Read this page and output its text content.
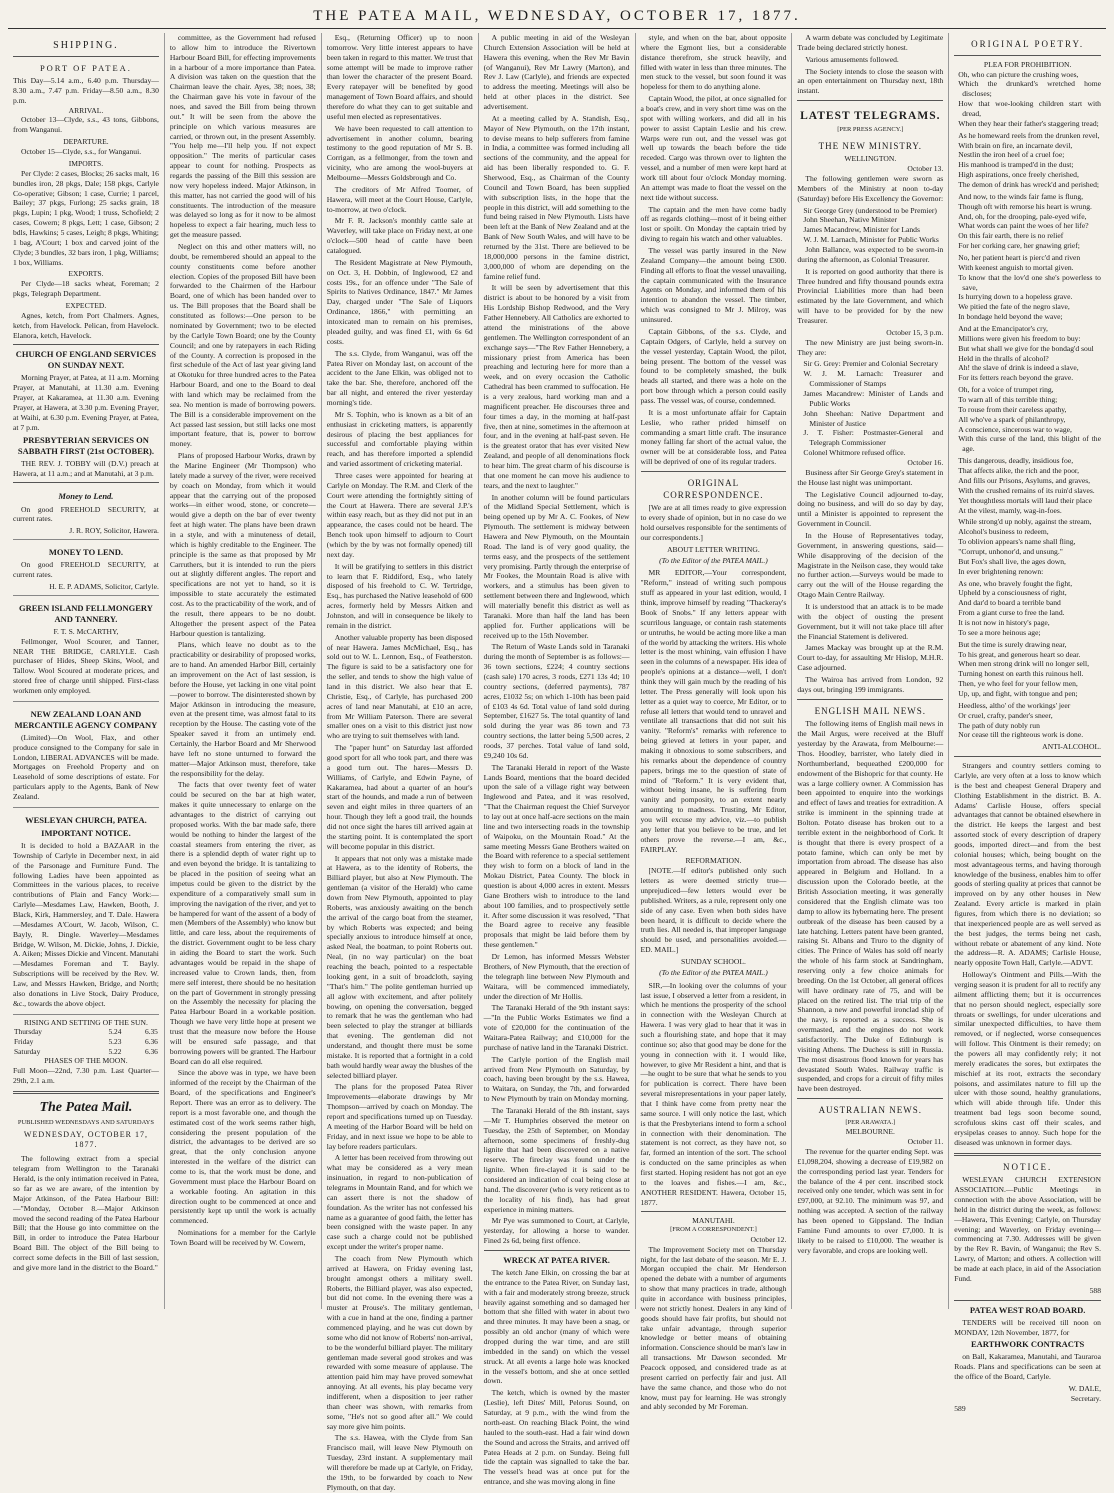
THE PATEA MAIL, WEDNESDAY, OCTOBER 17, 1877.
SHIPPING.
PORT OF PATEA.

This Day—5.14 a.m., 6.40 p.m. Thursday—8.30 a.m., 7.47 p.m. Friday—8.50 a.m., 8.30 p.m.

ARRIVAL.

October 13—Clyde, s.s., 43 tons, Gibbons, from Wanganui.

DEPARTURE.

October 15—Clyde, s.s., for Wanganui.

IMPORTS.

Per Clyde: 2 cases, Blocks; 26 sacks malt, 16 bundles iron, 28 pkgs, Dale; 158 pkgs, Carlyle Co-operative; Gibson; 1 case, Currie; 1 parcel, Bailey; 37 pkgs, Furlong; 25 sacks grain, 18 pkgs, Lupin; 1 pkg, Wood; 1 truss, Schofield; 2 cases, Cowern; 8 pkgs, Lett; 1 case, Gibson; 2 bdls, Hawkins; 5 cases, Leigh; 8 pkgs, Whiting; 1 bag, A'Court; 1 box and carved joint of the Clyde; 3 bundles, 32 bars iron, 1 pkg, Williams; 1 box, Williams.

EXPORTS.

Per Clyde—18 sacks wheat, Foreman; 2 pkgs, Telegraph Department.

EXPECTED.

Agnes, ketch, from Port Chalmers. Agnes, ketch, from Havelock. Pelican, from Havelock. Elanora, ketch, Havelock.

CHURCH OF ENGLAND SERVICES ON SUNDAY NEXT.

Morning Prayer, at Patea, at 11 a.m. Morning Prayer, at Manutahi, at 11.30 a.m. Evening Prayer, at Kakaramea, at 11.30 a.m. Evening Prayer, at Hawera, at 3.30 p.m. Evening Prayer, at Waihi, at 6.30 p.m. Evening Prayer, at Patea, at 7 p.m.

PRESBYTERIAN SERVICES ON SABBATH FIRST (21st OCTOBER).

THE REV. J. TOBBY will (D.V.) preach at Hawera, at 11 a.m.; and at Manutahi, at 3 p.m.

Money to Lend.

On good FREEHOLD SECURITY, at current rates.

J. R. ROY, Solicitor, Hawera.

MONEY TO LEND.

On good FREEHOLD SECURITY, at current rates.

H. E. P. ADAMS, Solicitor, Carlyle.

GREEN ISLAND FELLMONGERY AND TANNERY.
F. T. S. McCARTHY,

Fellmonger, Wool Scourer, and Tanner, NEAR THE BRIDGE, CARLYLE. Cash purchaser of Hides, Sheep Skins, Wool, and Tallow. Wool Scoured at moderate prices, and stored free of charge until shipped. First-class workmen only employed.

NEW ZEALAND LOAN AND MERCANTILE AGENCY COMPANY

(Limited)—On Wool, Flax, and other produce consigned to the Company for sale in London, LIBERAL ADVANCES will be made. Mortgages on Freehold Property and on Leasehold of some descriptions of estate. For particulars apply to the Agents, Bank of New Zealand.

WESLEYAN CHURCH, PATEA.
IMPORTANT NOTICE.

It is decided to hold a BAZAAR in the Township of Carlyle in December next, in aid of the Parsonage and Furniture Fund. The following Ladies have been appointed as Committees in the various places, to receive contributions of Plain and Fancy Work:— Carlyle—Mesdames Law, Hawken, Booth, J. Black, Kirk, Hammersley, and T. Dale. Hawera—Mesdames A'Court, W. Jacob, Wilson, C. Bayly, R. Dingle. Waverley—Mesdames Bridge, W. Wilson, M. Dickie, Johns, J. Dickie, A. Aiken; Misses Dickie and Vincent. Manutahi—Mesdames Foreman and T. Bayly. Subscriptions will be received by the Rev. W. Law, and Messrs Hawken, Bridge, and North; also donations in Live Stock, Dairy Produce, &c., towards the above object.

RISING AND SETTING OF THE SUN.
Thursday	5.24	6.35
Friday	5.23	6.36
Saturday	5.22	6.36
PHASES OF THE MOON.

Full Moon—22nd, 7.30 p.m. Last Quarter—29th, 2.1 a.m.

The Patea Mail.
PUBLISHED WEDNESDAYS AND SATURDAYS
WEDNESDAY, OCTOBER 17, 1877.

The following extract from a special telegram from Wellington to the Taranaki Herald, is the only intimation received in Patea, so far as we are aware, of the intention by Major Atkinson, of the Patea Harbour Bill:—"Monday, October 8.—Major Atkinson moved the second reading of the Patea Harbour Bill; that the House go into committee on the Bill, in order to introduce the Patea Harbour Board Bill. The object of the Bill being to correct some defects in the Bill of last session, and give more land in the district to the Board."

committee, as the Government had refused to allow him to introduce the Rivertown Harbour Board Bill, for effecting improvements in a harbour of a more importance than Patea. A division was taken on the question that the Chairman leave the chair. Ayes, 38; noes, 38; the Chairman gave his vote in favour of the noes, and saved the Bill from being thrown out." It will be seen from the above the principle on which various measures are carried, or thrown out, in the present Assembly. "You help me—I'll help you. If not expect opposition." The merits of particular cases appear to count for nothing. Prospects as regards the passing of the Bill this session are now very hopeless indeed. Major Atkinson, in this matter, has not carried the good will of his constituents. The introduction of the measure was delayed so long as for it now to be almost hopeless to expect a fair hearing, much less to get the measure passed.

Neglect on this and other matters will, no doubt, be remembered should an appeal to the county constituents come before another election. Copies of the proposed Bill have been forwarded to the Chairmen of the Harbour Board, one of which has been handed over to us. The Bill proposes that the Board shall be constituted as follows:—One person to be nominated by Government; two to be elected by the Carlyle Town Board; one by the County Council; and one by ratepayers in each Riding of the County. A correction is proposed in the first schedule of the Act of last year giving land at Okotuku for three hundred acres to the Patea Harbour Board, and one to the Board to deal with land which may be reclaimed from the sea. No mention is made of borrowing powers. The Bill is a considerable improvement on the Act passed last session, but still lacks one most important feature, that is, power to borrow money.

Plans of proposed Harbour Works, drawn by the Marine Engineer (Mr Thompson) who lately made a survey of the river, were received by coach on Monday, from which it would appear that the carrying out of the proposed works—in either wood, stone, or concrete—would give a depth on the bar of ever twenty feet at high water. The plans have been drawn in a style, and with a minuteness of detail, which is highly creditable to the Engineer. The principle is the same as that proposed by Mr Carruthers, but it is intended to run the piers out at slightly different angles. The report and specifications are not yet to hand, so it is impossible to state accurately the estimated cost. As to the practicability of the work, and of the result, there appears to be no doubt. Altogether the present aspect of the Patea Harbour question is tantalizing.

Plans, which leave no doubt as to the practicability or desirability of proposed works, are to hand. An amended Harbor Bill, certainly an improvement on the Act of last session, is before the House, yet lacking in one vital point—power to borrow. The disinterested shown by Major Atkinson in introducing the measure, even at the present time, was almost fatal to its reception by the House. The casting vote of the Speaker saved it from an untimely end. Certainly, the Harbor Board and Mr Sherwood have left no stone unturned to forward the matter—Major Atkinson must, therefore, take the responsibility for the delay.

The facts that over twenty feet of water could be secured on the bar at high water, makes it quite unnecessary to enlarge on the advantages to the district of carrying out proposed works. With the bar made safe, there would be nothing to hinder the largest of the coastal steamers from entering the river, as there is a splendid depth of water right up to and even beyond the bridge. It is tantalizing to be placed in the position of seeing what an impetus could be given to the district by the expenditure of a comparatively small sum in improving the navigation of the river, and yet to be hampered for want of the assent of a body of men (Members of the Assembly) who know but little, and care less, about the requirements of the district. Government ought to be less chary in aiding the Board to start the work. Such advantages would be repaid in the shape of increased value to Crown lands, then, from mere self interest, there should be no hesitation on the part of Government in strongly pressing on the Assembly the necessity for placing the Patea Harbour Board in a workable position. Though we have very little hope at present we trust that the measure now before the House will be ensured safe passage, and that borrowing powers will be granted. The Harbour Board can do all else required.

Since the above was in type, we have been informed of the receipt by the Chairman of the Board, of the specifications and Engineer's Report. There was an error as to delivery. The report is a most favorable one, and though the estimated cost of the work seems rather high, considering the present population of the district, the advantages to be derived are so great, that the only conclusion anyone interested in the welfare of the district can come to is, that the work must be done, and Government must place the Harbour Board on a workable footing. An agitation in this direction ought to be commenced at once and persistently kept up until the work is actually commenced.

Nominations for a member for the Carlyle Town Board will be received by W. Cowern,

Esq., (Returning Officer) up to noon tomorrow. Very little interest appears to have been taken in regard to this matter. We trust that some attempt will be made to improve rather than lower the character of the present Board. Every ratepayer will be benefited by good management of Town Board affairs, and should therefore do what they can to get suitable and useful men elected as representatives.

We have been requested to call attention to advertisement in another column, bearing testimony to the good reputation of Mr S. B. Corrigan, as a fellmonger, from the town and vicinity, who are among the wool-buyers at Melbourne—Messrs Goldsbrough and Co.

The creditors of Mr Alfred Toomer, of Hawera, will meet at the Court House, Carlyle, to-morrow, at two o'clock.

Mr F. R. Jackson's monthly cattle sale at Waverley, will take place on Friday next, at one o'clock—500 head of cattle have been catalogued.

The Resident Magistrate at New Plymouth, on Oct. 3, H. Dobbin, of Inglewood, £2 and costs 19s., for an offence under "The Sale of Spirits to Natives Ordinance, 1847." Mr James Day, charged under "The Sale of Liquors Ordinance, 1866," with permitting an intoxicated man to remain on his premises, pleaded guilty, and was fined £1, with 6s 6d costs.

The s.s. Clyde, from Wanganui, was off the Patea River on Monday last, on account of the accident to the Jane Elkin, was obliged not to take the bar. She, therefore, anchored off the bar all night, and entered the river yesterday morning's tide.

Mr S. Tophin, who is known as a bit of an enthusiast in cricketing matters, is apparently desirous of placing the best appliances for successful and comfortable playing within reach, and has therefore imported a splendid and varied assortment of cricketing material.

Three cases were appointed for hearing at Carlyle on Monday. The R.M. and Clerk of the Court were attending the fortnightly sitting of the Court at Hawera. There are several J.P.'s within easy reach, but as they did not put in an appearance, the cases could not be heard. The Bench took upon himself to adjourn to Court (which by the by was not formally opened) till next day.

It will be gratifying to settlers in this district to learn that F. Riddiford, Esq., who lately disposed of his freehold to C. W. Tertridge, Esq., has purchased the Native leasehold of 600 acres, formerly held by Messrs Aitken and Johnston, and will in consequence be likely to remain in the district.

Another valuable property has been disposed of near Hawera. James McMichael, Esq., has sold out to W. L. Lennon, Esq., of Featherston. The figure is said to be a satisfactory one for the seller, and tends to show the high value of land in this district. We also hear that E. Christie, Esq., of Carlyle, has purchased 200 acres of land near Manutahi, at £10 an acre, from Mr William Paterson. There are several smaller ones on a visit to this district just now who are trying to suit themselves with land.

The "paper hunt" on Saturday last afforded good sport for all who took part, and there was a good turn out. The hares—Messrs D. Williams, of Carlyle, and Edwin Payne, of Kakaramea, had about a quarter of an hour's start of the hounds, and made a run of between seven and eight miles in three quarters of an hour. Though they left a good trail, the hounds did not once sight the hares till arrived again at the starting point. It is contemplated the sport will become popular in this district.

It appears that not only was a mistake made at Hawera, as to the identity of Roberts, the Billiard player, but also at New Plymouth. The gentleman (a visitor of the Herald) who came down from New Plymouth, appointed to play Roberts, was anxiously awaiting on the bench the arrival of the cargo boat from the steamer, by which Roberts was expected; and being specially anxious to introduce himself at once, asked Neal, the boatman, to point Roberts out. Neal, (in no way particular) on the boat reaching the beach, pointed to a respectable looking gent, in a suit of broadcloth, saying "That's him." The polite gentleman hurried up all aglow with excitement, and after politely bowing, on opening the conversation, begged to remark that he was the gentleman who had been selected to play the stranger at billiards that evening. The gentleman did not understand, and thought there must be some mistake. It is reported that a fortnight in a cold bath would hardly wear away the blushes of the selected billiard player.

The plans for the proposed Patea River Improvements—elaborate drawings by Mr Thompson—arrived by coach on Monday. The report and specifications turned up on Tuesday. A meeting of the Harbor Board will be held on Friday, and in next issue we hope to be able to lay before readers particulars.

A letter has been received from throwing out what may be considered as a very mean insinuation, in regard to non-publication of telegrams in Mountain Rand, and for which we can assert there is not the shadow of foundation. As the writer has not confessed his name as a guarantee of good faith, the letter has been consigned with the waste paper. In any case such a charge could not be published except under the writer's proper name.

The coach from New Plymouth which arrived at Hawera, on Friday evening last, brought amongst others a military swell. Roberts, the Billiard player, was also expected, but did not come. In the evening there was a muster at Prouse's. The military gentleman, with a cue in hand at the one, finding a partner commenced playing, and he was cut down by some who did not know of Roberts' non-arrival, to be the wonderful billiard player. The military gentleman made several good strokes and was rewarded with some measure of applause. The attention paid him may have proved somewhat annoying. At all events, his play became very indifferent, when a disposition to jeer rather than cheer was shown, with remarks from some, "He's not so good after all." We could say more give him points.

The s.s. Hawea, with the Clyde from San Francisco mail, will leave New Plymouth on Tuesday, 23rd instant. A supplementary mail will therefore be made up at Carlyle, on Friday, the 19th, to be forwarded by coach to New Plymouth, on that day.

A public meeting in aid of the Wesleyan Church Extension Association will be held at Hawera this evening, when the Rev Mr Bavin (of Wanganui), Rev Mr Lawry (Marton), and Rev J. Law (Carlyle), and friends are expected to address the meeting. Meetings will also be held at other places in the district. See advertisement.

At a meeting called by A. Standish, Esq., Mayor of New Plymouth, on the 17th instant, to devise means to help sufferers from famine in India, a committee was formed including all sections of the community, and the appeal for aid has been liberally responded to. G. F. Sherwood, Esq., as Chairman of the County Council and Town Board, has been supplied with subscription lists, in the hope that the people in this district, will add something to the fund being raised in New Plymouth. Lists have been left at the Bank of New Zealand and at the Bank of New South Wales, and will have to be returned by the 31st. There are believed to be 18,000,000 persons in the famine district, 3,000,000 of whom are depending on the famine relief fund.

It will be seen by advertisement that this district is about to be honored by a visit from His Lordship Bishop Redwood, and the Very Father Hennebery. All Catholics are exhorted to attend the ministrations of the above gentlemen. The Wellington correspondent of an exchange says—"The Rev Father Hennebery, a missionary priest from America has been preaching and lecturing here for more than a week, and on every occasion the Catholic Cathedral has been crammed to suffocation. He is a very zealous, hard working man and a magnificent preacher. He discourses three and four times a day, in the morning at half-past five, then at nine, sometimes in the afternoon at four, and in the evening at half-past seven. He is the greatest orator that has ever visited New Zealand, and people of all denominations flock to hear him. The great charm of his discourse is that one moment he can move his audience to tears, and the next to laughter."

In another column will be found particulars of the Midland Special Settlement, which is being opened up by Mr A. C. Fookes, of New Plymouth. The settlement is midway between Hawera and New Plymouth, on the Mountain Road. The land is of very good quality, the terms easy, and the prospects of the settlement very promising. Partly through the enterprise of Mr Fookes, the Mountain Road is alive with workers, and a stimulus has been given to settlement between there and Inglewood, which will materially benefit this district as well as Taranaki. More than half the land has been applied for. Further applications will be received up to the 15th November.

The Return of Waste Lands sold in Taranaki during the month of September is as follows:—36 town sections, £224; 4 country sections (cash sale) 170 acres, 3 roods, £271 13s 4d; 10 country sections, (deferred payments), 787 acres, £1032 5s; on which 1-10th has been paid of £103 4s 6d. Total value of land sold during September, £1627 5s. The total quantity of land sold during the year was 86 town and 73 country sections, the latter being 5,500 acres, 2 roods, 37 perches. Total value of land sold, £9,240 10s 6d.

The Taranaki Herald in report of the Waste Lands Board, mentions that the board decided upon the sale of a village right way between Inglewood and Patea, and it was resolved, "That the Chairman request the Chief Surveyor to lay out at once half-acre sections on the main line and two intersecting roads in the township of Waipoku, on the Mountain Road." At the same meeting Messrs Gane Brothers waited on the Board with reference to a special settlement they wish to form on a block of land in the Mokau District, Patea County. The block in question is about 4,000 acres in extent. Messrs Gane Brothers wish to introduce to the land about 100 families, and to prospectively settle it. After some discussion it was resolved, "That the Board agree to receive any feasible proposals that might be laid before them by these gentlemen."

Dr Lemon, has informed Messrs Webster Brothers, of New Plymouth, that the erection of the telegraph line between New Plymouth and Waitara, will be commenced immediately, under the direction of Mr Hollis.

The Taranaki Herald of the 9th instant says:—"In the Public Works Estimates we find a vote of £20,000 for the continuation of the Waitara-Patea Railway; and £10,000 for the purchase of native land in the Taranaki District.

The Carlyle portion of the English mail arrived from New Plymouth on Saturday, by coach, having been brought by the s.s. Hawea, to Waitara, on Sunday, the 7th, and forwarded to New Plymouth by train on Monday morning.

The Taranaki Herald of the 8th instant, says—Mr T. Humphries observed the meteor on Tuesday, the 25th of September, on Monday afternoon, some specimens of freshly-dug lignite that had been discovered on a native reserve. The fireclay was found under the lignite. When fire-clayed it is said to be considered an indication of coal being close at hand. The discoverer (who is very reticent as to the locality of his find), has had great experience in mining matters.

Mr Pye was summoned to Court, at Carlyle, yesterday, for allowing a horse to wander. Fined 2s 6d, being first offence.

WRECK AT PATEA RIVER.

The ketch Jane Elkin, on crossing the bar at the entrance to the Patea River, on Sunday last, with a fair and moderately strong breeze, struck heavily against something and so damaged her bottom that she filled with water in about two and three minutes. It may have been a snag, or possibly an old anchor (many of which were dropped during the war time, and are still imbedded in the sand) on which the vessel struck. At all events a large hole was knocked in the vessel's bottom, and she at once settled down.

The ketch, which is owned by the master (Leslie), left Dites' Mill, Pelorus Sound, on Saturday, at 9 p.m., with the wind from the north-east. On reaching Black Point, the wind hauled to the south-east. Had a fair wind down the Sound and across the Straits, and arrived off Patea Heads at 2 p.m. on Sunday. Being full tide the captain was signalled to take the bar. The vessel's head was at once put for the entrance, and she was moving along in fine

style, and when on the bar, about opposite where the Egmont lies, but a considerable distance therefrom, she struck heavily, and filled with water in less than three minutes. The men stuck to the vessel, but soon found it was hopeless for them to do anything alone.

Captain Wood, the pilot, at once signalled for a boat's crew, and in very short time was on the spot with willing workers, and did all in his power to assist Captain Leslie and his crew. Warps were run out, and the vessel was got well up towards the beach before the tide receded. Cargo was thrown over to lighten the vessel, and a number of men were kept hard at work till about four o'clock Monday morning. An attempt was made to float the vessel on the next tide without success.

The captain and the men have come badly off as regards clothing—most of it being either lost or spoilt. On Monday the captain tried by diving to regain his watch and other valuables.

The vessel was partly insured in the New Zealand Company—the amount being £300. Finding all efforts to float the vessel unavailing, the captain communicated with the Insurance Agents on Monday, and informed them of his intention to abandon the vessel. The timber, which was consigned to Mr J. Milroy, was uninsured.

Captain Gibbons, of the s.s. Clyde, and Captain Odgers, of Carlyle, held a survey on the vessel yesterday, Captain Wood, the pilot, being present. The bottom of the vessel was found to be completely smashed, the bulk heads all started, and there was a hole on the port bow through which a person could easily pass. The vessel was, of course, condemned.

It is a most unfortunate affair for Captain Leslie, who rather prided himself on commanding a smart little craft. The insurance money falling far short of the actual value, the owner will be at considerable loss, and Patea will be deprived of one of its regular traders.

ORIGINAL CORRESPONDENCE.

[We are at all times ready to give expression to every shade of opinion, but in no case do we hold ourselves responsible for the sentiments of our correspondents.]

ABOUT LETTER WRITING.
(To the Editor of the PATEA MAIL.)

MR EDITOR,—Your correspondent, "Reform," instead of writing such pompous stuff as appeared in your last edition, would, I think, improve himself by reading "Thackeray's Book of Snobs." If any letters appear with scurrilous language, or contain rash statements or untruths, he would be acting more like a man of the world by attacking the writers. His whole letter is the most whining, vain effusion I have seen in the columns of a newspaper. His idea of people's opinions at a distance—well, I don't think they will gain much by the reading of his letter. The Press generally will look upon his letter as a quiet way to coerce, Mr Editor, or to refuse all letters that would tend to unravel and ventilate all transactions that did not suit his vanity. "Reform's" remarks with reference to being grieved at letters in your paper, and making it obnoxious to some subscribers, and his remarks about the dependence of country papers, brings me to the question of state of mind of "Reform." It is very evident that, without being insane, he is suffering from vanity and pomposity, to an extent nearly amounting to madness. Trusting, Mr Editor, you will excuse my advice, viz.—to publish any letter that you believe to be true, and let others prove the reverse.—I am, &c., FAIRPLAY.

REFORMATION.

[NOTE.—If editor's published only such letters as were deemed strictly true—unprejudiced—few letters would ever be published. Writers, as a rule, represent only one side of any case. Even when both sides have been heard, it is difficult to decide where the truth lies. All needed is, that improper language should be used, and personalities avoided.—ED. MAIL.]

SUNDAY SCHOOL.
(To the Editor of the PATEA MAIL.)

SIR,—In looking over the columns of your last issue, I observed a letter from a resident, in which he mentions the prosperity of the school in connection with the Wesleyan Church at Hawera. I was very glad to hear that it was in such a flourishing state, and hope that it may continue so; also that good may be done for the young in connection with it. I would like, however, to give Mr Resident a hint, and that is—he ought to be sure that what he sends to you for publication is correct. There have been several misrepresentations in your paper lately, that I think have come from pretty near the same source. I will only notice the last, which is that the Presbyterians intend to form a school in connection with their denomination. The statement is not correct, as they have not, so far, formed an intention of the sort. The school is conducted on the same principles as when first started. Hoping resident has not got an eye to the loaves and fishes.—I am, &c., ANOTHER RESIDENT. Hawera, October 15, 1877.

MANUTAHI.
[FROM A CORRESPONDENT.]

October 12.

The Improvement Society met on Thursday night, for the last debate of the season. Mr E. J. Morgan occupied the chair. Mr Henderson opened the debate with a number of arguments to show that many practices in trade, although quite in accordance with business principles, were not strictly honest. Dealers in any kind of goods should have fair profits, but should not take unfair advantage, through superior knowledge or better means of obtaining information. Conscience should be man's law in all transactions. Mr Dawson seconded. Mr Peacock opposed, and considered trade as at present carried on perfectly fair and just. All have the same chance, and those who do not know, must pay for learning. He was strongly and ably seconded by Mr Foreman.

A warm debate was concluded by Legitimate Trade being declared strictly honest.

Various amusements followed.

The Society intends to close the season with an open entertainment on Thursday next, 18th instant.

LATEST TELEGRAMS.
[PER PRESS AGENCY.]
THE NEW MINISTRY.
WELLINGTON.

October 13.

The following gentlemen were sworn as Members of the Ministry at noon to-day (Saturday) before His Excellency the Governor:

Sir George Grey (understood to be Premier)

John Sheehan, Native Minister

James Macandrew, Minister for Lands

W. J. M. Larnach, Minister for Public Works

John Ballance, was expected to be sworn-in during the afternoon, as Colonial Treasurer.

It is reported on good authority that there is Three hundred and fifty thousand pounds extra Provincial Liabilities more than had been estimated by the late Government, and which will have to be provided for by the new Treasurer.

October 15, 3 p.m.

The new Ministry are just being sworn-in. They are:

Sir G. Grey: Premier and Colonial Secretary

W. J. M. Larnach: Treasurer and Commissioner of Stamps

James Macandrew: Minister of Lands and Public Works

John Sheehan: Native Department and Minister of Justice

J. T. Fisher: Postmaster-General and Telegraph Commissioner

Colonel Whitmore refused office.

October 16.

Business after Sir George Grey's statement in the House last night was unimportant.

The Legislative Council adjourned to-day, doing no business, and will do so day by day, until a Minister is appointed to represent the Government in Council.

In the House of Representatives today, Government, in answering questions, said—While disapproving of the decision of the Magistrate in the Neilson case, they would take no further action.—Surveys would be made to carry out the will of the House regarding the Otago Main Centre Railway.

It is understood that an attack is to be made with the object of ousting the present Government, but it will not take place till after the Financial Statement is delivered.

James Mackay was brought up at the R.M. Court to-day, for assaulting Mr Hislop, M.H.R. Case adjourned.

The Wairoa has arrived from London, 92 days out, bringing 199 immigrants.

ENGLISH MAIL NEWS.

The following items of English mail news in the Mail Argus, were received at the Bluff yesterday by the Arawata, from Melbourne:— Thos. Hoodley, barrister, who lately died in Northumberland, bequeathed £200,000 for endowment of the Bishopric for that county. He was a large colliery owner. A Commission has been appointed to enquire into the workings and effect of laws and treaties for extradition. A strike is imminent in the spinning trade at Bolton. Potato disease has broken out to a terrible extent in the neighborhood of Cork. It is thought that there is every prospect of a potato famine, which can only be met by importation from abroad. The disease has also appeared in Belgium and Holland. In a discussion upon the Colorado beetle, at the British Association meeting, it was generally considered that the English climate was too damp to allow its hybernating here. The present outbreak of the disease has been caused by a late hatching. Letters patent have been granted, raising St. Albans and Truro to the dignity of cities. The Prince of Wales has sold off nearly the whole of his farm stock at Sandringham, reserving only a few choice animals for breeding. On the 1st October, all general offices will have ordinary rate of 75, and will be placed on the retired list. The trial trip of the Shannon, a new and powerful ironclad ship of the navy, is reported as a success. She is overmasted, and the engines do not work satisfactorily. The Duke of Edinburgh is visiting Athens. The Duchess is still in Russia. The most disastrous flood known for years has devastated South Wales. Railway traffic is suspended, and crops for a circuit of fifty miles have been destroyed.

AUSTRALIAN NEWS.
[PER ARAWATA.]
MELBOURNE.

October 11.

The revenue for the quarter ending Sept. was £1,098,204, showing a decrease of £19,982 on the corresponding period last year. Tenders for the balance of the 4 per cent. inscribed stock received only one tender, which was sent in for £97,000, at 92.10. The minimum was 97, and nothing was accepted. A section of the railway has been opened to Gippsland. The Indian Famine Fund amounts to over £7,000. It is likely to be raised to £10,000. The weather is very favorable, and crops are looking well.

ORIGINAL POETRY.
PLEA FOR PROHIBITION.

Oh, who can picture the crushing woes,

Which the drunkard's wretched home discloses;

How that woe-looking children start with dread,

When they hear their father's staggering tread;

As he homeward reels from the drunken revel,

With brain on fire, an incarnate devil,

Nestlin the iron heel of a cruel foe;

His manhood is tramped'd in the dust;

High aspirations, once freely cherished,

The demon of drink has wreck'd and perished;

And now, to the winds fair fame is flung,

Though oft with remorse his heart is wrung.

And, oh, for the drooping, pale-eyed wife,

What words can paint the woes of her life?

On this fair earth, there is no relief

For her corking care, her gnawing grief;

No, her patient heart is pierc'd and riven

With keenest anguish to mortal given.

To know that the lov'd one she's powerless to save,

Is hurrying down to a hopeless grave.

We pitied the fate of the negro slave,

In bondage held beyond the wave;

And at the Emancipator's cry,

Millions were given his freedom to buy:

But what shall we give for the bondag'd soul

Held in the thralls of alcohol?

Ah! the slave of drink is indeed a slave,

For its fetters reach beyond the grave.

Oh, for a voice of trumpet ring,

To warn all of this terrible thing;

To rouse from their careless apathy,

All who've a spark of philanthropy,

A conscience, sincerous war to wage,

With this curse of the land, this blight of the age.

This dangerous, deadly, insidious foe,

That affects alike, the rich and the poor,

And fills our Prisons, Asylums, and graves,

With the crushed remains of its ruin'd slaves.

Yet thoughtless mortals will laud their place

At the vilest, mamly, wag-in-foes.

While strong'd up nobly, against the stream,

Alcohol's business to redeem,

To oblivion appears's name shall fling,

"Corrupt, unhonor'd, and unsung."

But Fox's shall live, the ages down,

In ever brightening renown:

As one, who bravely fought the fight,

Upheld by a consciousness of right,

And dar'd to board a terrible band

From a giant curse to free the land.

It is not now in history's page,

To see a more heinous age;

But the time is surely drawing near,

To his great, and generous heart so dear.

When men strong drink will no longer sell,

Turning honest on earth this ruinous hell.

Then, ye who feel for your fellow men,

Up, up, and fight, with tongue and pen;

Heedless, altho' of the workings' jeer

Or cruel, crafty, pander's sneer,

The path of duty nobly run

Nor cease till the righteous work is done.

ANTI-ALCOHOL.

Strangers and country settlers coming to Carlyle, are very often at a loss to know which is the best and cheapest General Drapery and Clothing Establishment in the district. B. A. Adams' Carlisle House, offers special advantages that cannot be obtained elsewhere in the district. He keeps the largest and best assorted stock of every description of drapery goods, imported direct—and from the best colonial houses; which, being bought on the most advantageous terms, and having thorough knowledge of the business, enables him to offer goods of sterling quality at prices that cannot be improved on by any other houses in New Zealand. Every article is marked in plain figures, from which there is no deviation; so that inexperienced people are as well served as the best judges, the terms being net cash, without rebate or abatement of any kind. Note the address—R. A. ADAMS; Carlisle House, nearly opposite Town Hall, Carlyle.—ADVT.

Holloway's Ointment and Pills.—With the verging season it is prudent for all to rectify any ailment afflicting them; but it is occurrences that no person should neglect, especially sore throats or swellings, for under ulcerations and similar unexpected difficulties, to have them removed, or if neglected, worse consequences will follow. This Ointment is their remedy; on the powers all may confidently rely; it not merely eradicates the sores, but extirpates the mischief at its root, extracts the secondary poisons, and assimilates nature to fill up the ulcer with those sound, healthy granulations, which will abide through life. Under this treatment bad legs soon become sound, scrofulous skins cast off their scales, and erysipelas ceases to annoy. Such hope for the diseased was unknown in former days.

NOTICE.

WESLEYAN CHURCH EXTENSION ASSOCIATION.—Public Meetings in connection with the above Association, will be held in the district during the week, as follows:—Hawera, This Evening; Carlyle, on Thursday evening; and Waverley, on Friday evening—commencing at 7.30. Addresses will be given by the Rev R. Bavin, of Wanganui; the Rev S. Lawry, of Marton; and others. A collection will be made at each place, in aid of the Association Fund.

588

PATEA WEST ROAD BOARD.

TENDERS will be received till noon on MONDAY, 12th November, 1877, for

EARTHWORK CONTRACTS

on Ball, Kakaramea, Manutahi, and Tauraroa Roads. Plans and specifications can be seen at the office of the Board, Carlyle.

W. DALE,

Secretary.

589
